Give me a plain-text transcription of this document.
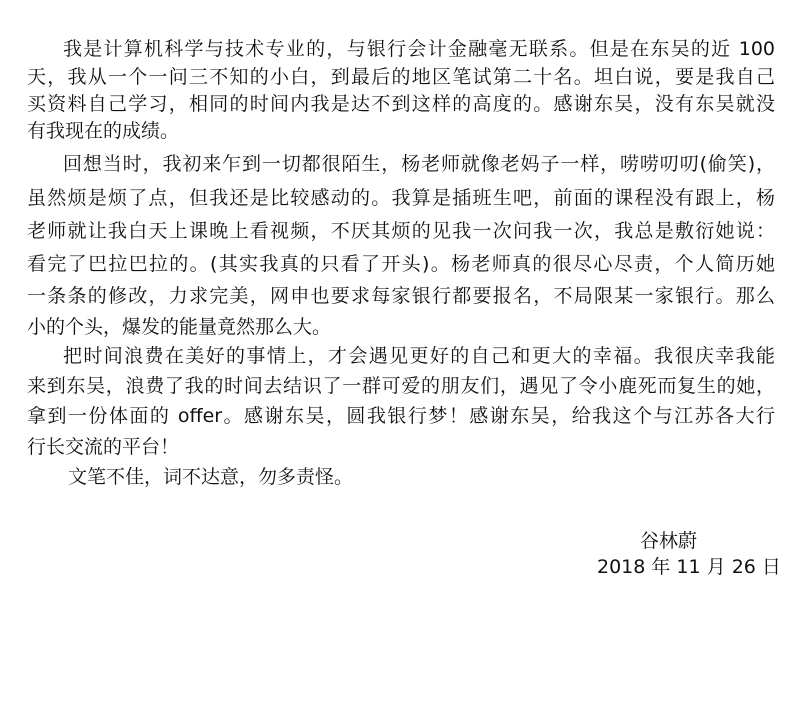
我是计算机科学与技术专业的，与银行会计金融毫无联系。但是在东吴的近 100
天，我从一个一问三不知的小白，到最后的地区笔试第二十名。坦白说，要是我自己
买资料自己学习，相同的时间内我是达不到这样的高度的。感谢东吴，没有东吴就没
有我现在的成绩。
回想当时，我初来乍到一切都很陌生，杨老师就像老妈子一样，唠唠叨叨(偷笑)，
虽然烦是烦了点，但我还是比较感动的。我算是插班生吧，前面的课程没有跟上，杨
老师就让我白天上课晚上看视频，不厌其烦的见我一次问我一次，我总是敷衍她说：
看完了巴拉巴拉的。(其实我真的只看了开头)。杨老师真的很尽心尽责，个人简历她
一条条的修改，力求完美，网申也要求每家银行都要报名，不局限某一家银行。那么
小的个头，爆发的能量竟然那么大。
把时间浪费在美好的事情上，才会遇见更好的自己和更大的幸福。我很庆幸我能
来到东吴，浪费了我的时间去结识了一群可爱的朋友们，遇见了令小鹿死而复生的她，
拿到一份体面的 offer。感谢东吴，圆我银行梦！感谢东吴，给我这个与江苏各大行
行长交流的平台！
文笔不佳，词不达意，勿多责怪。
谷林蔚
2018 年 11 月 26 日
